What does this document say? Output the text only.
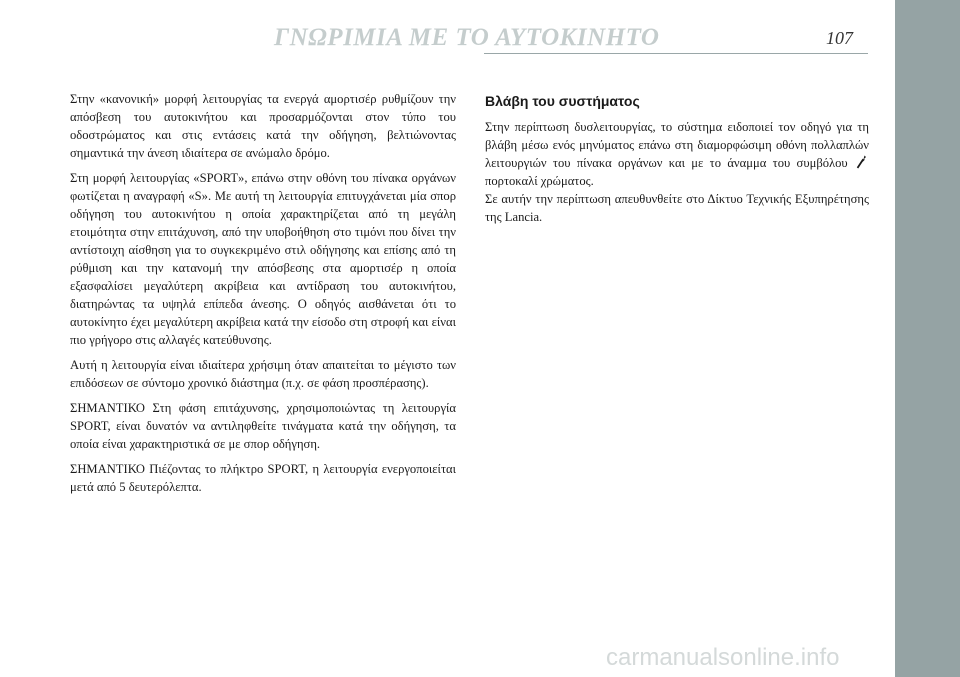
ΓΝΩΡΙΜΙΑ ΜΕ ΤΟ ΑΥΤΟΚΙΝΗΤΟ	107

Στην «κανονική» μορφή λειτουργίας τα ενεργά αμορτισέρ ρυθμίζουν την απόσβεση του αυτοκινήτου και προσαρμόζονται στον τύπο του οδοστρώματος και στις εντάσεις κατά την οδήγηση, βελτιώνοντας σημαντικά την άνεση ιδιαίτερα σε ανώμαλο δρόμο.

Στη μορφή λειτουργίας «SPORT», επάνω στην οθόνη του πίνακα οργάνων φωτίζεται η αναγραφή «S». Με αυτή τη λειτουργία επιτυγχάνεται μία σπορ οδήγηση του αυτοκινήτου η οποία χαρακτηρίζεται από τη μεγάλη ετοιμότητα στην επιτάχυνση, από την υποβοήθηση στο τιμόνι που δίνει την αντίστοιχη αίσθηση για το συγκεκριμένο στιλ οδήγησης και επίσης από τη ρύθμιση και την κατανομή την απόσβεσης στα αμορτισέρ η οποία εξασφαλίσει μεγαλύτερη ακρίβεια και αντίδραση του αυτοκινήτου, διατηρώντας τα υψηλά επίπεδα άνεσης. Ο οδηγός αισθάνεται ότι το αυτοκίνητο έχει μεγαλύτερη ακρίβεια κατά την είσοδο στη στροφή και είναι πιο γρήγορο στις αλλαγές κατεύθυνσης.

Αυτή η λειτουργία είναι ιδιαίτερα χρήσιμη όταν απαιτείται το μέγιστο των επιδόσεων σε σύντομο χρονικό διάστημα (π.χ. σε φάση προσπέρασης).

ΣΗΜΑΝΤΙΚΟ Στη φάση επιτάχυνσης, χρησιμοποιώντας τη λειτουργία SPORT, είναι δυνατόν να αντιληφθείτε τινάγματα κατά την οδήγηση, τα οποία είναι χαρακτηριστικά σε με σπορ οδήγηση.

ΣΗΜΑΝΤΙΚΟ Πιέζοντας το πλήκτρο SPORT, η λειτουργία ενεργοποιείται μετά από 5 δευτερόλεπτα.

Βλάβη του συστήματος

Στην περίπτωση δυσλειτουργίας, το σύστημα ειδοποιεί τον οδηγό για τη βλάβη μέσω ενός μηνύματος επάνω στη διαμορφώσιμη οθόνη πολλαπλών λειτουργιών του πίνακα οργάνων και με το άναμμα του συμβόλου  πορτοκαλί χρώματος.

Σε αυτήν την περίπτωση απευθυνθείτε στο Δίκτυο Τεχνικής Εξυπηρέτησης της Lancia.

carmanualsonline.info
